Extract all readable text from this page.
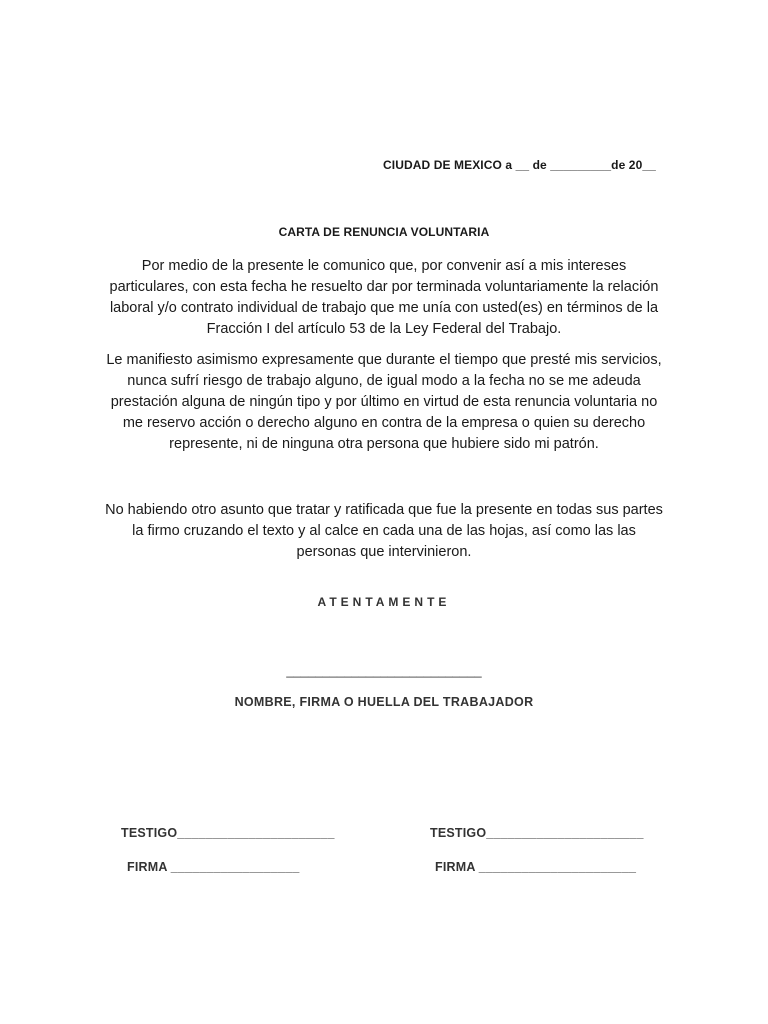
CIUDAD DE MEXICO a __ de _________de 20__
CARTA DE RENUNCIA VOLUNTARIA

Por medio de la presente le comunico que, por convenir así a mis intereses particulares, con esta fecha he resuelto dar por terminada voluntariamente la relación laboral y/o contrato individual de trabajo que me unía con usted(es) en términos de la Fracción I del artículo 53 de la Ley Federal del Trabajo.

Le manifiesto asimismo expresamente que durante el tiempo que presté mis servicios, nunca sufrí riesgo de trabajo alguno, de igual modo a la fecha no se me adeuda prestación alguna de ningún tipo y por último en virtud de esta renuncia voluntaria no me reservo acción o derecho alguno en contra de la empresa o quien su derecho represente, ni de ninguna otra persona que hubiere sido mi patrón.

No habiendo otro asunto que tratar y ratificada que fue la presente en todas sus partes la firmo cruzando el texto y al calce en cada una de las hojas, así como las las personas que intervinieron.

ATENTAMENTE
___________________________
NOMBRE, FIRMA O HUELLA DEL TRABAJADOR
TESTIGO______________________	TESTIGO______________________
FIRMA __________________	FIRMA ______________________
